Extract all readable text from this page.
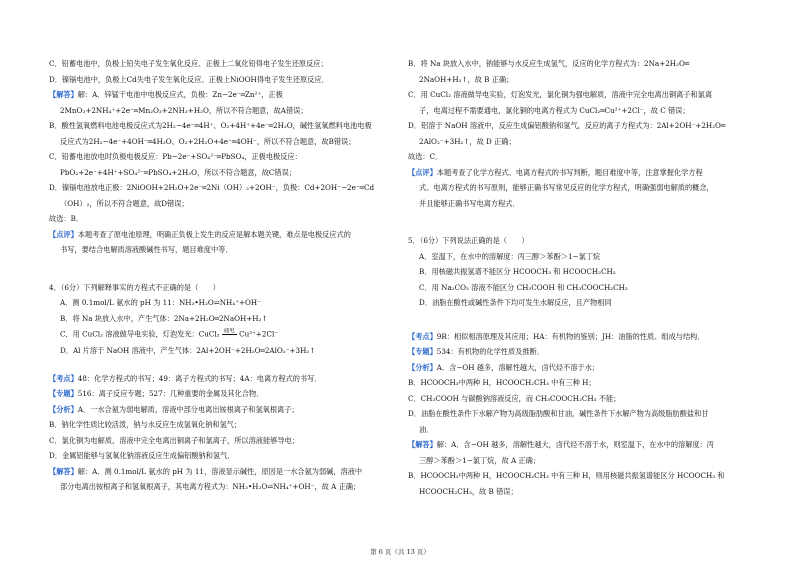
C．铅蓄电池中，负极上铅失电子发生氧化反应、正极上二氧化铅得电子发生还原反应；
D．镍镉电池中，负极上Cd失电子发生氧化反应、正极上NiOOH得电子发生还原反应．
【解答】解：A．锌锰干电池中电极反应式，负极：Zn−2e⁻═Zn²⁺，正极
2MnO₂+2NH₄⁺+2e⁻═Mn₂O₃+2NH₃+H₂O，所以不符合题意，故A错误；
B．酸性氢氧燃料电池电极反应式为2H₂−4e⁻═4H⁺、O₂+4H⁺+4e⁻═2H₂O，碱性氢氧燃料电池电极
反应式为2H₂−4e⁻+4OH⁻═4H₂O、O₂+2H₂O+4e⁻═4OH⁻，所以不符合题意，故B错误；
C．铅蓄电池放电时负极电极反应：Pb−2e⁻+SO₄²⁻═PbSO₄，正极电极反应：
PbO₂+2e⁻+4H⁺+SO₄²⁻═PbSO₄+2H₂O，所以不符合题意，故C错误；
D．镍镉电池放电正极：2NiOOH+2H₂O+2e⁻═2Ni（OH）₂+2OH⁻，负极：Cd+2OH⁻−2e⁻═Cd
（OH）₂，所以不符合题意，故D错误；
故选：B．
【点评】本题考查了原电池原理，明确正负极上发生的反应是解本题关键，难点是电极反应式的
书写，要结合电解质溶液酸碱性书写，题目难度中等．
4．（6分）下列解释事实的方程式不正确的是（　　）
A．测 0.1mol/L 氨水的 pH 为 11：NH₃•H₂O⇌NH₄⁺+OH⁻
B．将 Na 块放入水中，产生气体：2Na+2H₂O═2NaOH+H₂↑
C．用 CuCl₂ 溶液做导电实验，灯泡发光：CuCl₂ 通电 Cu²⁺+2Cl⁻
D．Al 片溶于 NaOH 溶液中，产生气体：2Al+2OH⁻+2H₂O═2AlO₂⁻+3H₂↑
【考点】48：化学方程式的书写；49：离子方程式的书写；4A：电离方程式的书写．
【专题】516：离子反应专题；527：几种重要的金属及其化合物．
【分析】A．一水合氨为弱电解质，溶液中部分电离出铵根离子和氢氧根离子；
B．钠化学性质比较活泼，钠与水反应生成氢氧化钠和氢气；
C．氯化铜为电解质，溶液中完全电离出铜离子和氯离子，所以溶液能够导电；
D．金属铝能够与氢氧化钠溶液反应生成偏铝酸钠和氢气．
【解答】解：A．测 0.1mol/L 氨水的 pH 为 11，溶液显示碱性，原因是一水合氨为弱碱，溶液中
部分电离出铵根离子和氢氧根离子，其电离方程式为：NH₃•H₂O⇌NH₄⁺+OH⁻，故 A 正确；
B．将 Na 块放入水中，钠能够与水反应生成氢气，反应的化学方程式为：2Na+2H₂O═
2NaOH+H₂↑，故 B 正确；
C．用 CuCl₂ 溶液做导电实验，灯泡发光，氯化铜为强电解质，溶液中完全电离出铜离子和氯离
子，电离过程不需要通电，氯化铜的电离方程式为 CuCl₂═Cu²⁺+2Cl⁻，故 C 错误；
D．铝溶于 NaOH 溶液中，反应生成偏铝酸钠和氢气，反应的离子方程式为：2Al+2OH⁻+2H₂O═
2AlO₂⁻+3H₂↑，故 D 正确；
故选：C．
【点评】本题考查了化学方程式、电离方程式的书写判断，题目难度中等，注意掌握化学方程
式、电离方程式的书写原则，能够正确书写常见反应的化学方程式，明确强弱电解质的概念，
并且能够正确书写电离方程式．
5．（6分）下列说法正确的是（　　）
A．室温下，在水中的溶解度：丙三醇＞苯酚＞1−氯丁烷
B．用核磁共振氢谱不能区分 HCOOCH₃ 和 HCOOCH₂CH₃
C．用 Na₂CO₃ 溶液不能区分 CH₃COOH 和 CH₃COOCH₂CH₃
D．油脂在酸性或碱性条件下均可发生水解反应，且产物相同
【考点】9R：相似相溶原理及其应用；HA：有机物的鉴别；JH：油脂的性质、组成与结构．
【专题】534：有机物的化学性质及推断．
【分析】A．含−OH 越多，溶解性越大，卤代烃不溶于水；
B．HCOOCH₃中两种 H，HCOOCH₂CH₃ 中有三种 H；
C．CH₃COOH 与碳酸钠溶液反应，而 CH₃COOCH₂CH₃ 不能；
D．油脂在酸性条件下水解产物为高级脂肪酸和甘油，碱性条件下水解产物为高级脂肪酸盐和甘
油．
【解答】解：A．含−OH 越多，溶解性越大，卤代烃不溶于水，则室温下，在水中的溶解度：丙
三醇＞苯酚＞1−氯丁烷，故 A 正确；
B．HCOOCH₃中两种 H，HCOOCH₂CH₃ 中有三种 H，则用核磁共振氢谱能区分 HCOOCH₃ 和
HCOOCH₂CH₃，故 B 错误；
第 6 页（共 13 页）
